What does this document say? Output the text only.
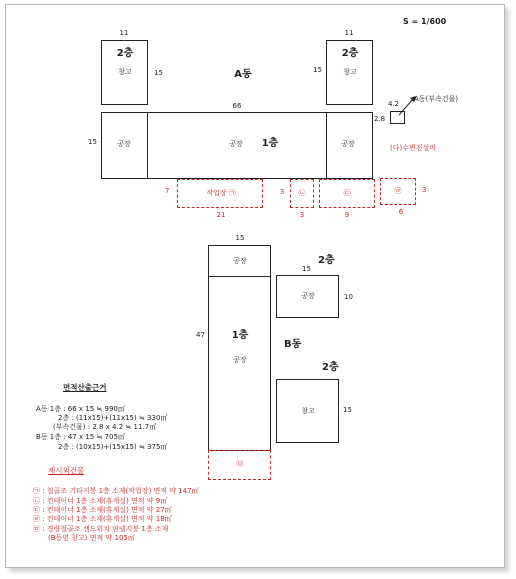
S = 1/600
A동
11
2층
창고	15
11
15
2층
창고
66
15	공장	공장 1층	공장
4.2
2.8
A동(부속건물)
(다)수변전설비
7	작업장 ㉠
21
3 ㉡
3
㉢
9
㉣	3
6
15
공장
1층
공장
47
B동
2층
15
공장	10
2층
창고	15
㉤
면적산출근거
A동 1층 : 66 x 15 ≒ 990㎡
2층 : (11x15)+(11x15) ≒ 330㎡
(부속건물) : 2.8 x 4.2 ≒ 11.7㎡
B동 1층 : 47 x 15 ≒ 705㎡
2층 : (10x15)+(15x15) ≒ 375㎡
제시외건물
㉠ : 철골조 기타지붕 1층 소재(작업장) 면적 약 147㎡
㉡ : 컨테이너 1층 소재(휴게실) 면적 약 9㎡
㉢ : 컨테이너 1층 소재(휴게실) 면적 약 27㎡
㉣ : 컨테이너 1층 소재(휴게실) 면적 약 18㎡
㉤ : 경량철골조 샌드위치 판넬지붕 1층 소재
(B동옆 창고) 면적 약 105㎡
